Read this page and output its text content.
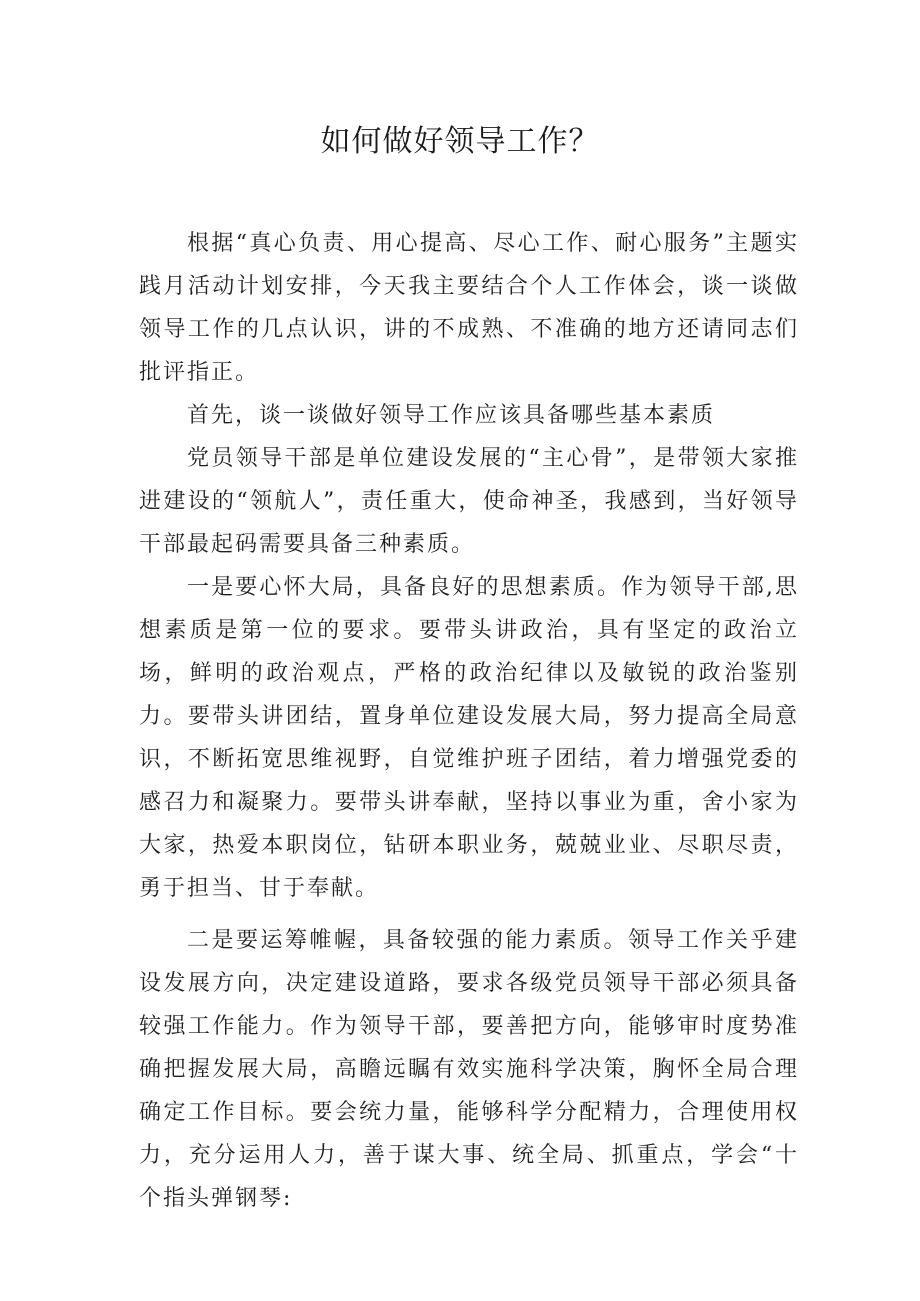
如何做好领导工作？

根据“真心负责、用心提高、尽心工作、耐心服务”主题实践月活动计划安排，今天我主要结合个人工作体会，谈一谈做领导工作的几点认识，讲的不成熟、不准确的地方还请同志们批评指正。

首先，谈一谈做好领导工作应该具备哪些基本素质

党员领导干部是单位建设发展的“主心骨”，是带领大家推进建设的“领航人”，责任重大，使命神圣，我感到，当好领导干部最起码需要具备三种素质。

一是要心怀大局，具备良好的思想素质。作为领导干部,思想素质是第一位的要求。要带头讲政治，具有坚定的政治立场，鲜明的政治观点，严格的政治纪律以及敏锐的政治鉴别力。要带头讲团结，置身单位建设发展大局，努力提高全局意识，不断拓宽思维视野，自觉维护班子团结，着力增强党委的感召力和凝聚力。要带头讲奉献，坚持以事业为重，舍小家为大家，热爱本职岗位，钻研本职业务，兢兢业业、尽职尽责，勇于担当、甘于奉献。

二是要运筹帷幄，具备较强的能力素质。领导工作关乎建设发展方向，决定建设道路，要求各级党员领导干部必须具备较强工作能力。作为领导干部，要善把方向，能够审时度势准确把握发展大局，高瞻远瞩有效实施科学决策，胸怀全局合理确定工作目标。要会统力量，能够科学分配精力，合理使用权力，充分运用人力，善于谋大事、统全局、抓重点，学会“十个指头弹钢琴:
